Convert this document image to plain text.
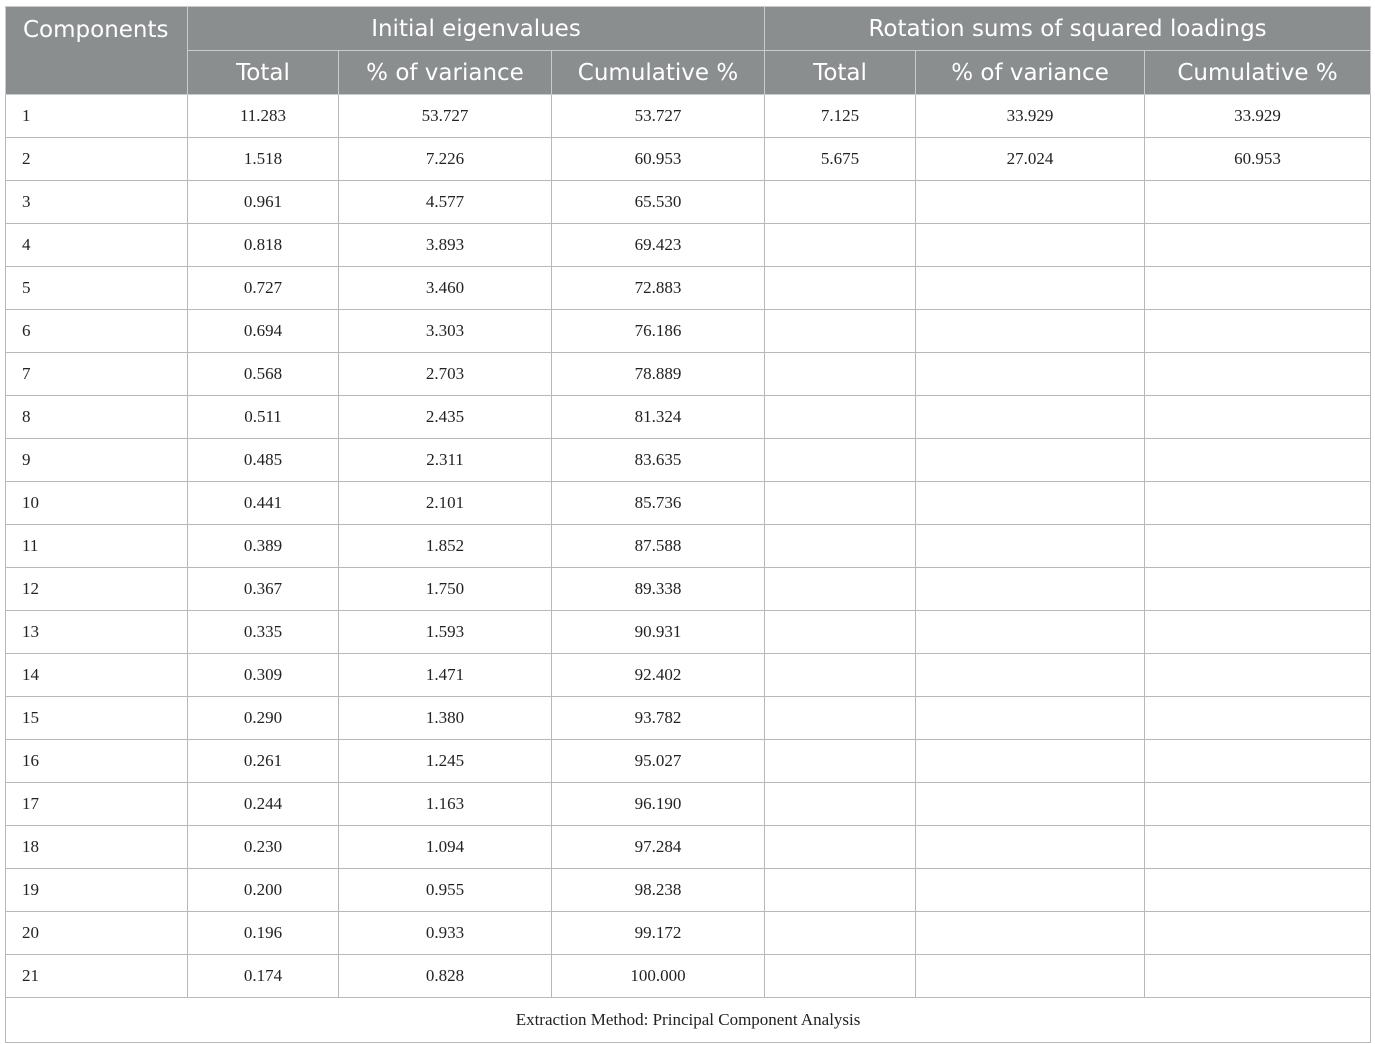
Components	Initial eigenvalues			Rotation sums of squared loadings		
	Total	% of variance	Cumulative %	Total	% of variance	Cumulative %
1	11.283	53.727	53.727	7.125	33.929	33.929
2	1.518	7.226	60.953	5.675	27.024	60.953
3	0.961	4.577	65.530			
4	0.818	3.893	69.423			
5	0.727	3.460	72.883			
6	0.694	3.303	76.186			
7	0.568	2.703	78.889			
8	0.511	2.435	81.324			
9	0.485	2.311	83.635			
10	0.441	2.101	85.736			
11	0.389	1.852	87.588			
12	0.367	1.750	89.338			
13	0.335	1.593	90.931			
14	0.309	1.471	92.402			
15	0.290	1.380	93.782			
16	0.261	1.245	95.027			
17	0.244	1.163	96.190			
18	0.230	1.094	97.284			
19	0.200	0.955	98.238			
20	0.196	0.933	99.172			
21	0.174	0.828	100.000			
Extraction Method: Principal Component Analysis						
